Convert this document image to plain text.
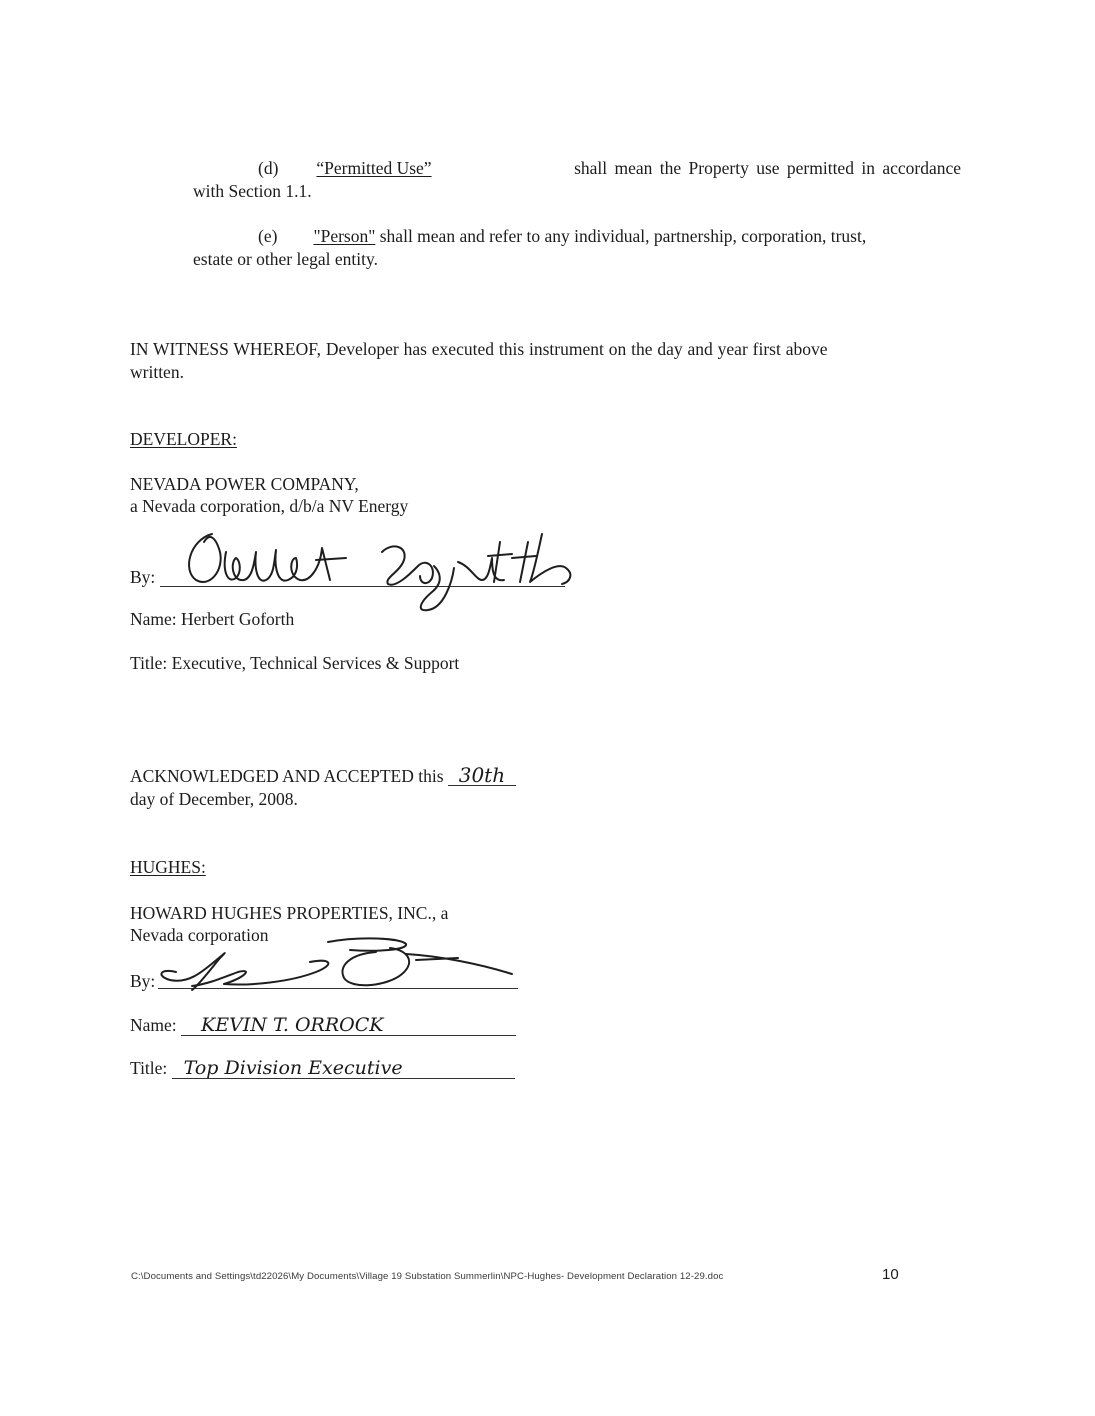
(d) “Permitted Use”	shall mean the Property use permitted in accordance
with Section 1.1.
(e) "Person" shall mean and refer to any individual, partnership, corporation, trust,
estate or other legal entity.
IN WITNESS WHEREOF, Developer has executed this instrument on the day and year first above
written.
DEVELOPER:
NEVADA POWER COMPANY,
a Nevada corporation, d/b/a NV Energy
By:
Name: Herbert Goforth
Title: Executive, Technical Services & Support
ACKNOWLEDGED AND ACCEPTED this 30th
day of December, 2008.
HUGHES:
HOWARD HUGHES PROPERTIES, INC., a
Nevada corporation
By:
Name: KEVIN T. ORROCK
Title: Top Division Executive
C:\Documents and Settings\td22026\My Documents\Village 19 Substation Summerlin\NPC-Hughes- Development Declaration 12-29.doc	10
